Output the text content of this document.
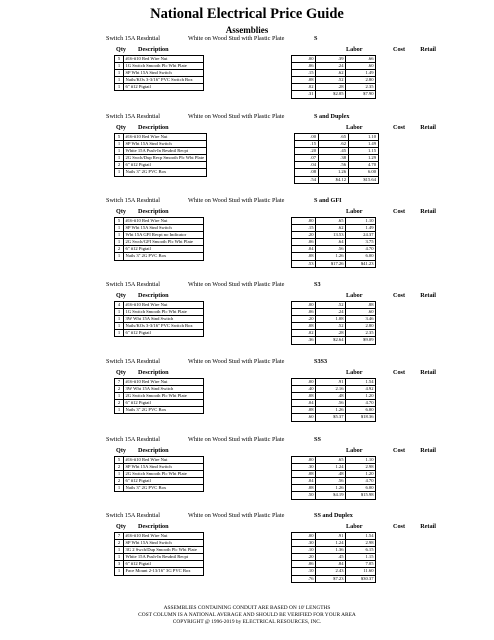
National Electrical Price Guide
Assemblies
Switch 15A Resdntial	White on Wood Stud with Plastic Plate	S
Qty Description	Labor	Cost Retail
5	#16-#10 Red Wire Nut		.00	.39	.66
1	1G Switch Smooth Plc Wht Plate		.06	.24	.60
1	SP Wht 15A Stnd Switch		.15	.62	1.49
1	Nails/KOs 3-3/16" PVC Switch Box		.08	.52	2.80
1	6" #12 Pigtail		.02	.28	2.35
			.31	$2.05	$7.90
Switch 15A Resdntial	White on Wood Stud with Plastic Plate	S and Duplex
Qty Description	Labor	Cost Retail
5	#16-#10 Red Wire Nut		.00	.65	1.10
1	SP Wht 15A Stnd Switch		.15	.62	1.49
1	White 15A Push-In Resdntl Recpt		.20	.45	1.15
1	2G Swch/Dup Recp Smooth Plc Wht Plate		.07	.38	1.29
2	6" #12 Pigtail		.04	.56	4.70
1	Nails 3" 2G PVC Box		.08	1.26	6.00
			.54	$4.12	$15.64
Switch 15A Resdntial	White on Wood Stud with Plastic Plate	S and GFI
Qty Description	Labor	Cost Retail
5	#16-#10 Red Wire Nut		.00	.65	1.10
1	SP Wht 15A Stnd Switch		.15	.62	1.49
1	Wht 15A GFI Recpt no Indicator		.20	13.53	24.37
1	2G Swch/GFI Smooth Plc Wht Plate		.06	.64	3.75
2	6" #12 Pigtail		.04	.56	4.70
1	Nails 3" 2G PVC Box		.08	1.26	6.00
			.53	$17.26	$41.23
Switch 15A Resdntial	White on Wood Stud with Plastic Plate	S3
Qty Description	Labor	Cost Retail
4	#16-#10 Red Wire Nut		.00	.52	.88
1	1G Switch Smooth Plc Wht Plate		.06	.24	.60
1	3W Wht 15A Stnd Switch		.20	1.08	3.46
1	Nails/KOs 3-3/16" PVC Switch Box		.08	.52	2.80
1	6" #12 Pigtail		.02	.28	2.35
			.36	$2.64	$9.09
Switch 15A Resdntial	White on Wood Stud with Plastic Plate	S3S3
Qty Description	Labor	Cost Retail
7	#16-#10 Red Wire Nut		.00	.91	1.54
2	3W Wht 15A Stnd Switch		.40	2.16	4.92
1	2G Switch Smooth Plc Wht Plate		.08	.48	1.20
2	6" #12 Pigtail		.04	.56	4.70
1	Nails 3" 2G PVC Box		.08	1.26	6.00
			.60	$5.37	$18.36
Switch 15A Resdntial	White on Wood Stud with Plastic Plate	SS
Qty Description	Labor	Cost Retail
5	#16-#10 Red Wire Nut		.00	.65	1.10
2	SP Wht 15A Stnd Switch		.30	1.24	2.98
1	2G Switch Smooth Plc Wht Plate		.08	.48	1.20
2	6" #12 Pigtail		.04	.56	4.70
1	Nails 3" 2G PVC Box		.08	1.26	6.00
			.50	$4.19	$15.98
Switch 15A Resdntial	White on Wood Stud with Plastic Plate	SS and Duplex
Qty Description	Labor	Cost Retail
7	#16-#10 Red Wire Nut		.00	.91	1.54
2	SP Wht 15A Stnd Switch		.30	1.24	2.98
1	3G 2 Swch/Dup Smooth Plc Wht Plate		.10	1.36	6.15
1	White 15A Push-In Resdntl Recpt		.20	.45	1.15
3	6" #12 Pigtail		.06	.84	7.05
1	Face Mount 2-13/16" 3G PVC Box		.10	2.43	11.60
			.76	$7.23	$30.37
ASSEMBLIES CONTAINING CONDUIT ARE BASED ON 10' LENGTHS
COST COLUMN IS A NATIONAL AVERAGE AND SHOULD BE VERIFIED FOR YOUR AREA
COPYRIGHT @ 1996-2019 by ELECTRICAL RESOURCES, INC.
